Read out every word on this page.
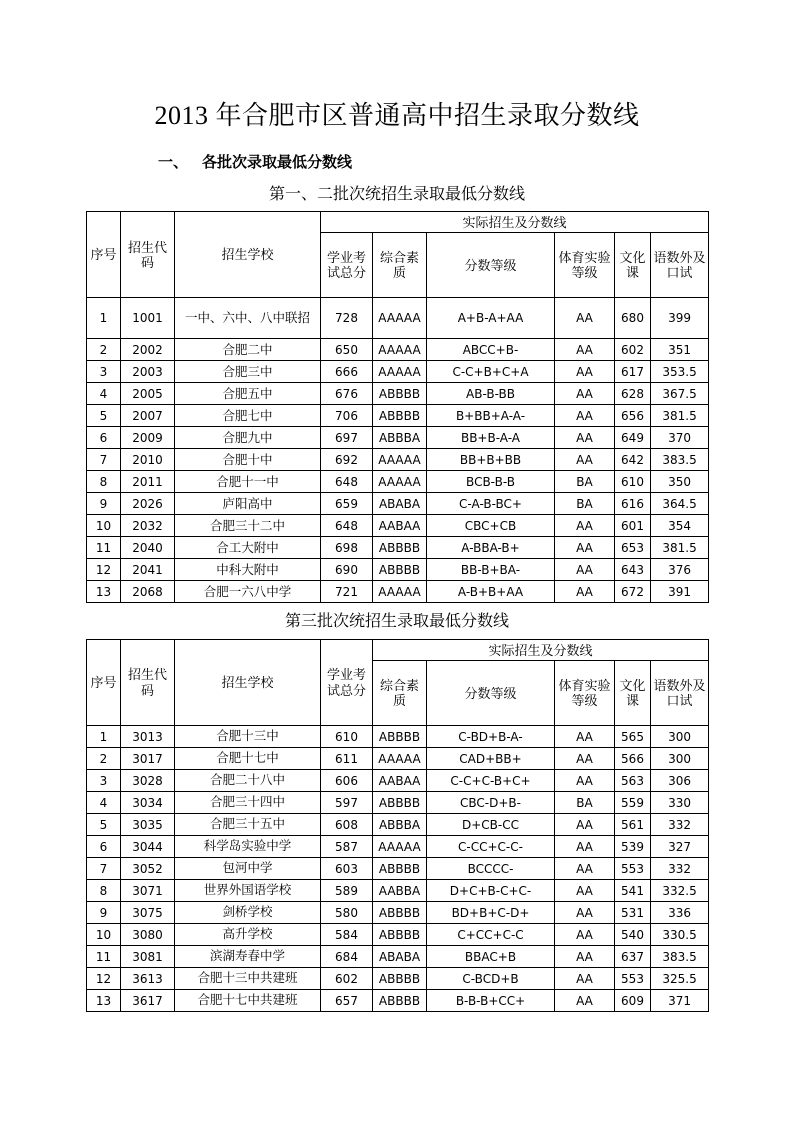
2013 年合肥市区普通高中招生录取分数线
一、 各批次录取最低分数线
第一、二批次统招生录取最低分数线
序号	招生代码	招生学校	实际招生及分数线					
			学业考试总分	综合素质	分数等级	体育实验等级	文化课	语数外及口试
1	1001	一中、六中、八中联招	728	AAAAA	A+B-A+AA	AA	680	399
2	2002	合肥二中	650	AAAAA	ABCC+B-	AA	602	351
3	2003	合肥三中	666	AAAAA	C-C+B+C+A	AA	617	353.5
4	2005	合肥五中	676	ABBBB	AB-B-BB	AA	628	367.5
5	2007	合肥七中	706	ABBBB	B+BB+A-A-	AA	656	381.5
6	2009	合肥九中	697	ABBBA	BB+B-A-A	AA	649	370
7	2010	合肥十中	692	AAAAA	BB+B+BB	AA	642	383.5
8	2011	合肥十一中	648	AAAAA	BCB-B-B	BA	610	350
9	2026	庐阳高中	659	ABABA	C-A-B-BC+	BA	616	364.5
10	2032	合肥三十二中	648	AABAA	CBC+CB	AA	601	354
11	2040	合工大附中	698	ABBBB	A-BBA-B+	AA	653	381.5
12	2041	中科大附中	690	ABBBB	BB-B+BA-	AA	643	376
13	2068	合肥一六八中学	721	AAAAA	A-B+B+AA	AA	672	391
第三批次统招生录取最低分数线
序号	招生代码	招生学校	学业考试总分	实际招生及分数线				
				综合素质	分数等级	体育实验等级	文化课	语数外及口试
1	3013	合肥十三中	610	ABBBB	C-BD+B-A-	AA	565	300
2	3017	合肥十七中	611	AAAAA	CAD+BB+	AA	566	300
3	3028	合肥二十八中	606	AABAA	C-C+C-B+C+	AA	563	306
4	3034	合肥三十四中	597	ABBBB	CBC-D+B-	BA	559	330
5	3035	合肥三十五中	608	ABBBA	D+CB-CC	AA	561	332
6	3044	科学岛实验中学	587	AAAAA	C-CC+C-C-	AA	539	327
7	3052	包河中学	603	ABBBB	BCCCC-	AA	553	332
8	3071	世界外国语学校	589	AABBA	D+C+B-C+C-	AA	541	332.5
9	3075	剑桥学校	580	ABBBB	BD+B+C-D+	AA	531	336
10	3080	高升学校	584	ABBBB	C+CC+C-C	AA	540	330.5
11	3081	滨湖寿春中学	684	ABABA	BBAC+B	AA	637	383.5
12	3613	合肥十三中共建班	602	ABBBB	C-BCD+B	AA	553	325.5
13	3617	合肥十七中共建班	657	ABBBB	B-B-B+CC+	AA	609	371
